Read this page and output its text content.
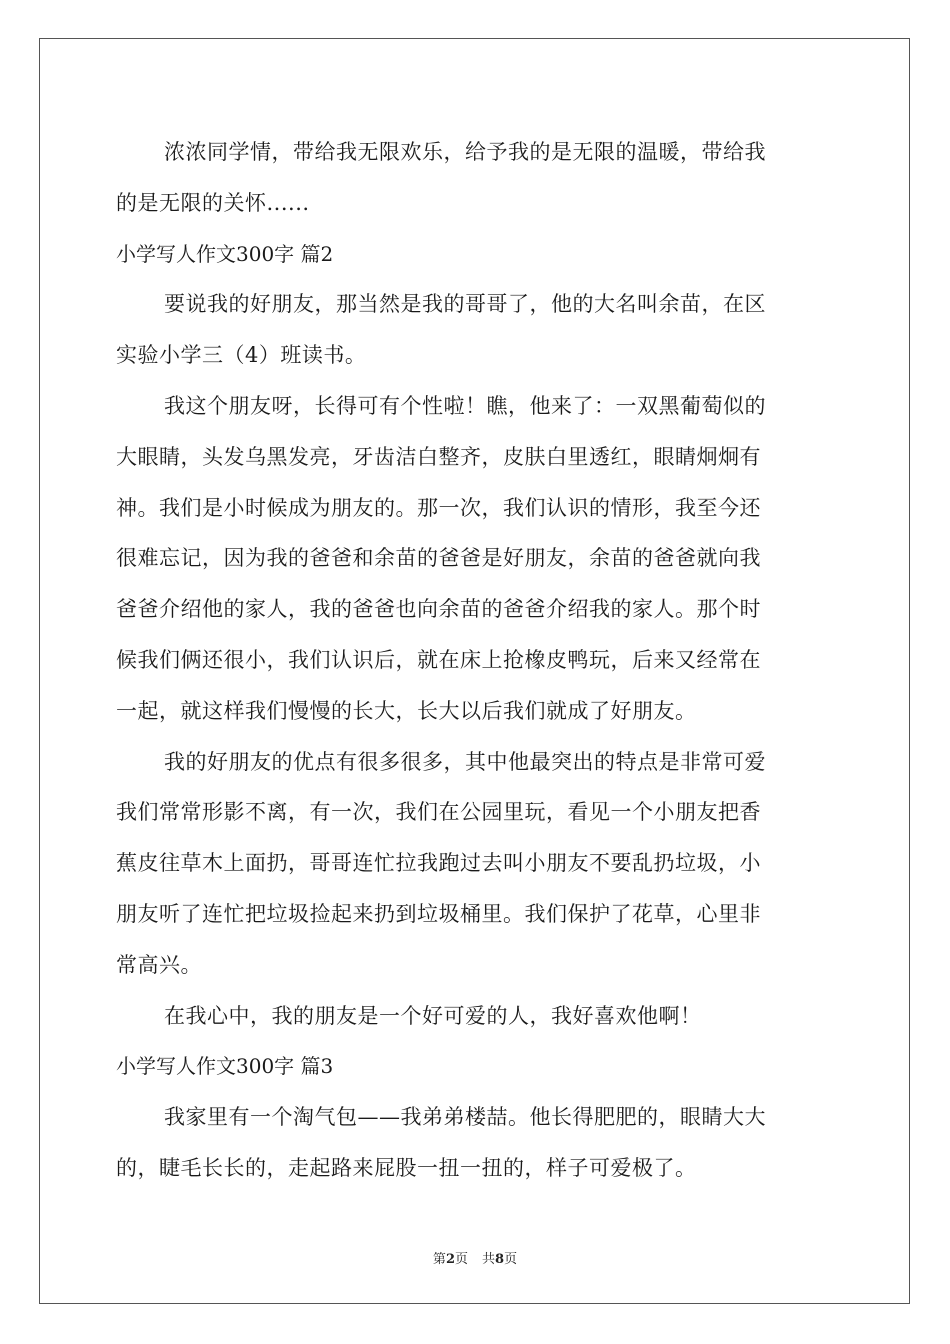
浓浓同学情，带给我无限欢乐，给予我的是无限的温暖，带给我
的是无限的关怀......
小学写人作文300字 篇2
要说我的好朋友，那当然是我的哥哥了，他的大名叫余苗，在区
实验小学三（4）班读书。
我这个朋友呀，长得可有个性啦！瞧，他来了：一双黑葡萄似的
大眼睛，头发乌黑发亮，牙齿洁白整齐，皮肤白里透红，眼睛炯炯有
神。我们是小时候成为朋友的。那一次，我们认识的情形，我至今还
很难忘记，因为我的爸爸和余苗的爸爸是好朋友，余苗的爸爸就向我
爸爸介绍他的家人，我的爸爸也向余苗的爸爸介绍我的家人。那个时
候我们俩还很小，我们认识后，就在床上抢橡皮鸭玩，后来又经常在
一起，就这样我们慢慢的长大，长大以后我们就成了好朋友。
我的好朋友的优点有很多很多，其中他最突出的特点是非常可爱
我们常常形影不离，有一次，我们在公园里玩，看见一个小朋友把香
蕉皮往草木上面扔，哥哥连忙拉我跑过去叫小朋友不要乱扔垃圾，小
朋友听了连忙把垃圾捡起来扔到垃圾桶里。我们保护了花草，心里非
常高兴。
在我心中，我的朋友是一个好可爱的人，我好喜欢他啊！
小学写人作文300字 篇3
我家里有一个淘气包——我弟弟楼喆。他长得肥肥的，眼睛大大
的，睫毛长长的，走起路来屁股一扭一扭的，样子可爱极了。
第2页 共8页
